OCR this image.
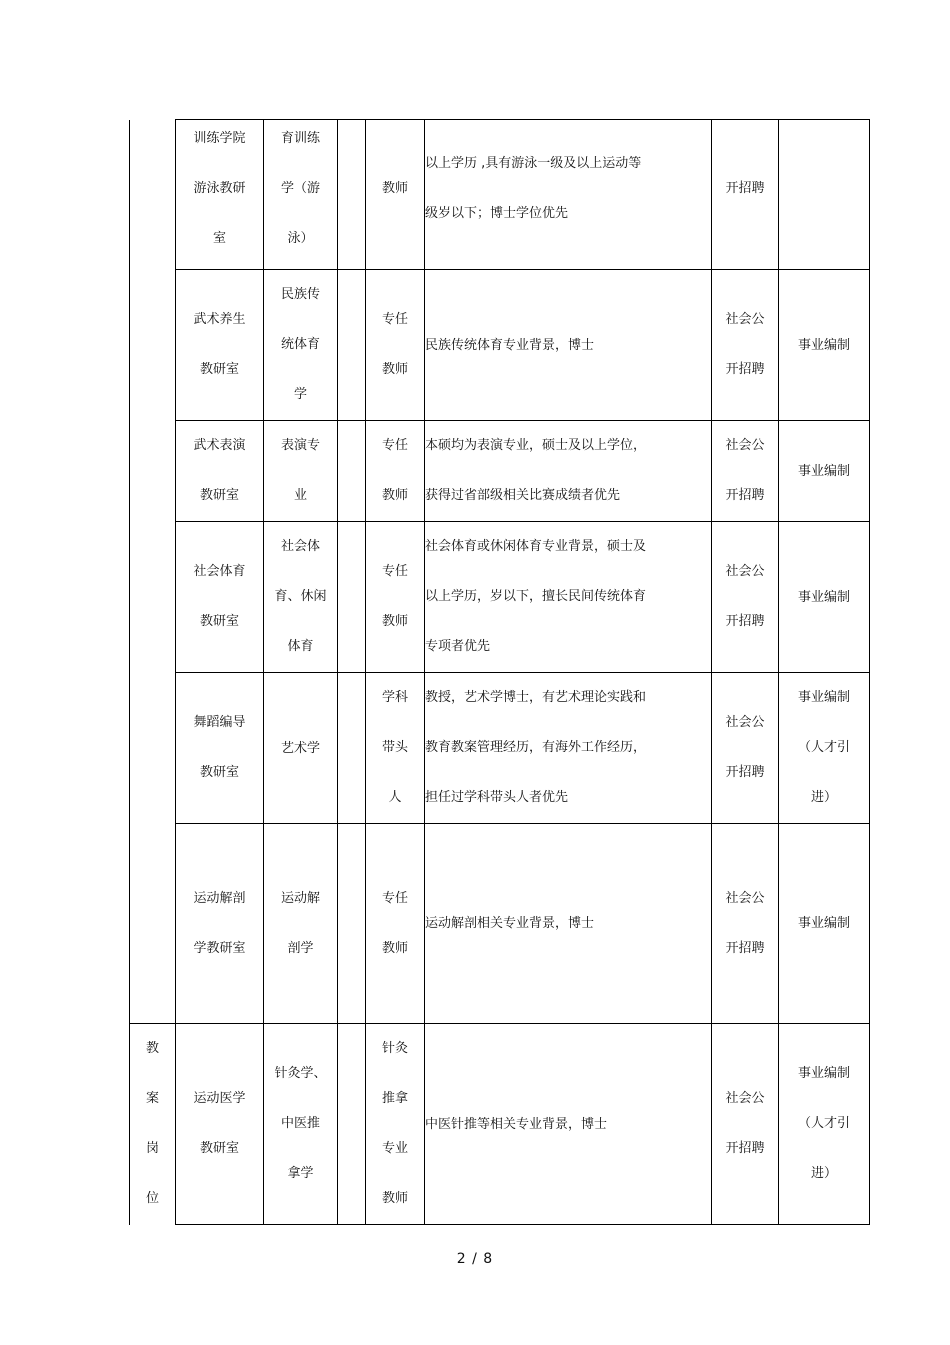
	训练学院
游泳教研
室	育训练
学（游
泳）		教师	以上学历 ,具有游泳一级及以上运动等
级岁以下；博士学位优先	开招聘	
	武术养生
教研室	民族传
统体育
学		专任
教师	民族传统体育专业背景，博士	社会公
开招聘	事业编制
	武术表演
教研室	表演专
业		专任
教师	本硕均为表演专业，硕士及以上学位，
获得过省部级相关比赛成绩者优先	社会公
开招聘	事业编制
	社会体育
教研室	社会体
育、休闲
体育		专任
教师	社会体育或休闲体育专业背景，硕士及
以上学历，岁以下，擅长民间传统体育
专项者优先	社会公
开招聘	事业编制
	舞蹈编导
教研室	艺术学		学科
带头
人	教授，艺术学博士，有艺术理论实践和
教育教案管理经历，有海外工作经历，
担任过学科带头人者优先	社会公
开招聘	事业编制
（人才引
进）
	运动解剖
学教研室	运动解
剖学		专任
教师	运动解剖相关专业背景，博士	社会公
开招聘	事业编制
教
案
岗
位	运动医学
教研室	针灸学、
中医推
拿学		针灸
推拿
专业
教师	中医针推等相关专业背景，博士	社会公
开招聘	事业编制
（人才引
进）
2 / 8
